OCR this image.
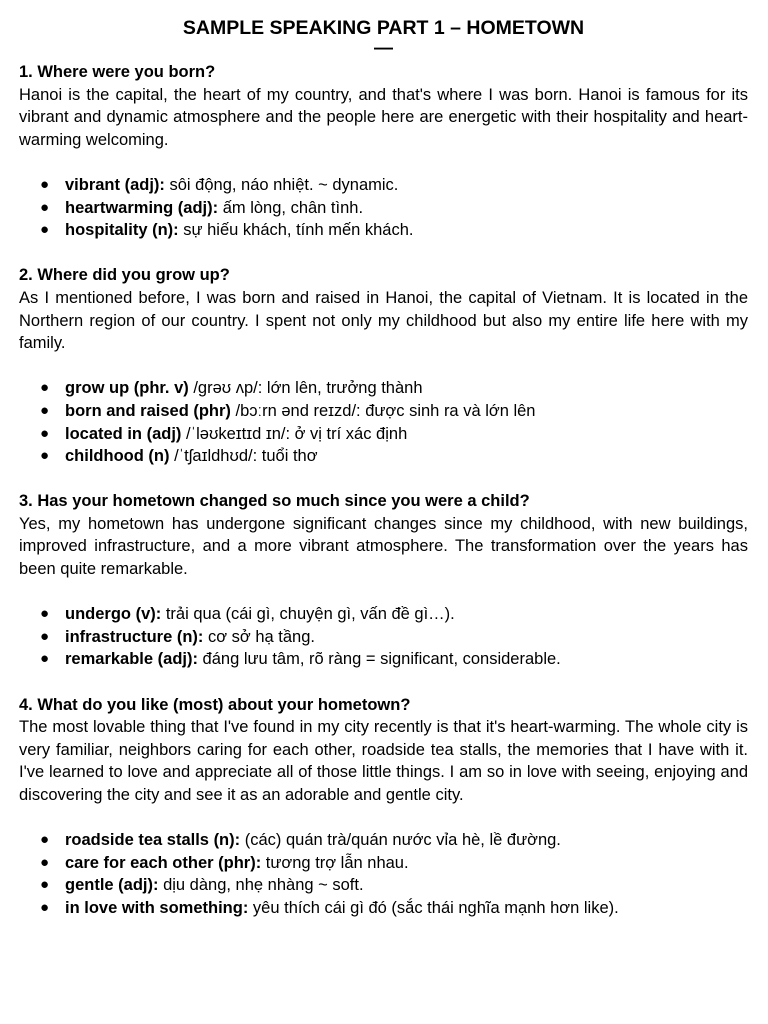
SAMPLE SPEAKING PART 1 – HOMETOWN
—

1. Where were you born?

Hanoi is the capital, the heart of my country, and that's where I was born. Hanoi is famous for its vibrant and dynamic atmosphere and the people here are energetic with their hospitality and heart-warming welcoming.

● vibrant (adj): sôi động, náo nhiệt. ~ dynamic.
● heartwarming (adj): ấm lòng, chân tình.
● hospitality (n): sự hiếu khách, tính mến khách.

2. Where did you grow up?

As I mentioned before, I was born and raised in Hanoi, the capital of Vietnam. It is located in the Northern region of our country. I spent not only my childhood but also my entire life here with my family.

● grow up (phr. v) /ɡrəʊ ʌp/: lớn lên, trưởng thành
● born and raised (phr) /bɔːrn ənd reɪzd/: được sinh ra và lớn lên
● located in (adj) /ˈləʊkeɪtɪd ɪn/: ở vị trí xác định
● childhood (n) /ˈtʃaɪldhʊd/: tuổi thơ

3. Has your hometown changed so much since you were a child?

Yes, my hometown has undergone significant changes since my childhood, with new buildings, improved infrastructure, and a more vibrant atmosphere. The transformation over the years has been quite remarkable.

● undergo (v): trải qua (cái gì, chuyện gì, vấn đề gì…).
● infrastructure (n): cơ sở hạ tầng.
● remarkable (adj): đáng lưu tâm, rõ ràng = significant, considerable.

4. What do you like (most) about your hometown?

The most lovable thing that I've found in my city recently is that it's heart-warming. The whole city is very familiar, neighbors caring for each other, roadside tea stalls, the memories that I have with it. I've learned to love and appreciate all of those little things. I am so in love with seeing, enjoying and discovering the city and see it as an adorable and gentle city.

● roadside tea stalls (n): (các) quán trà/quán nước vỉa hè, lề đường.
● care for each other (phr): tương trợ lẫn nhau.
● gentle (adj): dịu dàng, nhẹ nhàng ~ soft.
● in love with something: yêu thích cái gì đó (sắc thái nghĩa mạnh hơn like).
